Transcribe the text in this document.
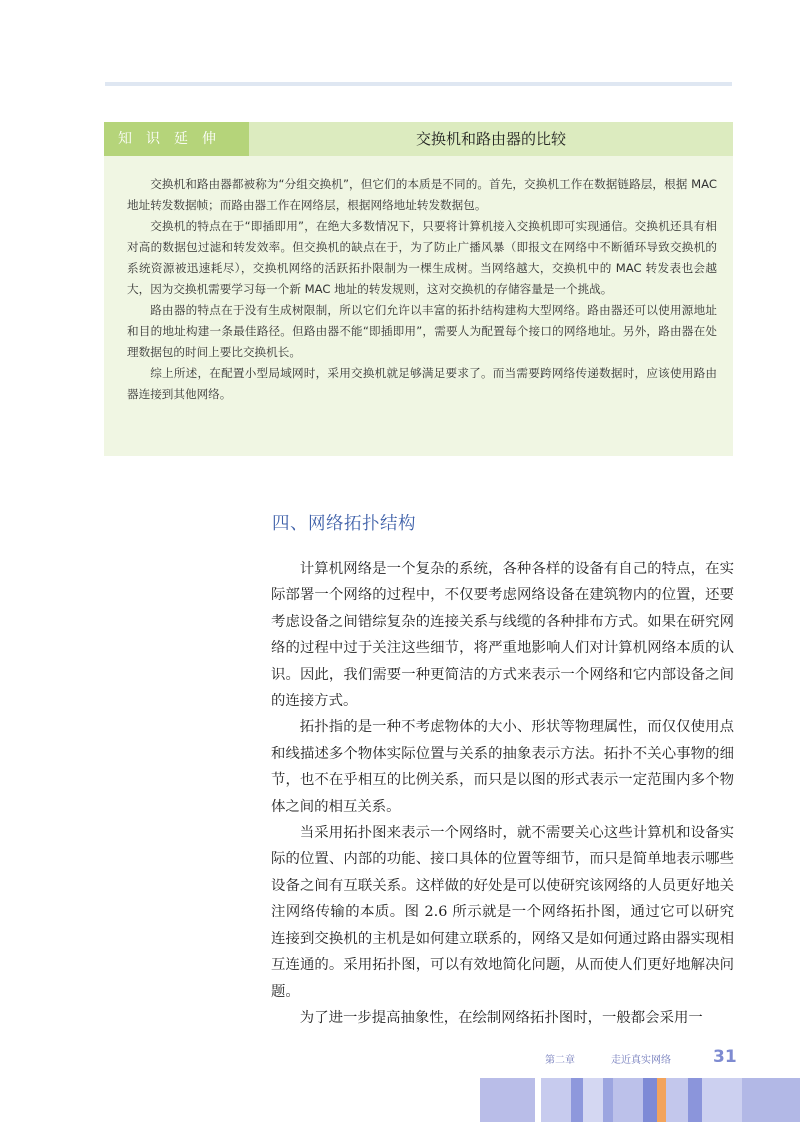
知识延伸	交换机和路由器的比较

交换机和路由器都被称为“分组交换机”，但它们的本质是不同的。首先，交换机工作在数据链路层，根据 MAC 地址转发数据帧；而路由器工作在网络层，根据网络地址转发数据包。

交换机的特点在于“即插即用”，在绝大多数情况下，只要将计算机接入交换机即可实现通信。交换机还具有相对高的数据包过滤和转发效率。但交换机的缺点在于，为了防止广播风暴（即报文在网络中不断循环导致交换机的系统资源被迅速耗尽），交换机网络的活跃拓扑限制为一棵生成树。当网络越大，交换机中的 MAC 转发表也会越大，因为交换机需要学习每一个新 MAC 地址的转发规则，这对交换机的存储容量是一个挑战。

路由器的特点在于没有生成树限制，所以它们允许以丰富的拓扑结构建构大型网络。路由器还可以使用源地址和目的地址构建一条最佳路径。但路由器不能“即插即用”，需要人为配置每个接口的网络地址。另外，路由器在处理数据包的时间上要比交换机长。

综上所述，在配置小型局域网时，采用交换机就足够满足要求了。而当需要跨网络传递数据时，应该使用路由器连接到其他网络。

四、网络拓扑结构

计算机网络是一个复杂的系统，各种各样的设备有自己的特点，在实际部署一个网络的过程中，不仅要考虑网络设备在建筑物内的位置，还要考虑设备之间错综复杂的连接关系与线缆的各种排布方式。如果在研究网络的过程中过于关注这些细节，将严重地影响人们对计算机网络本质的认识。因此，我们需要一种更简洁的方式来表示一个网络和它内部设备之间的连接方式。

拓扑指的是一种不考虑物体的大小、形状等物理属性，而仅仅使用点和线描述多个物体实际位置与关系的抽象表示方法。拓扑不关心事物的细节，也不在乎相互的比例关系，而只是以图的形式表示一定范围内多个物体之间的相互关系。

当采用拓扑图来表示一个网络时，就不需要关心这些计算机和设备实际的位置、内部的功能、接口具体的位置等细节，而只是简单地表示哪些设备之间有互联关系。这样做的好处是可以使研究该网络的人员更好地关注网络传输的本质。图 2.6 所示就是一个网络拓扑图，通过它可以研究连接到交换机的主机是如何建立联系的，网络又是如何通过路由器实现相互连通的。采用拓扑图，可以有效地简化问题，从而使人们更好地解决问题。

为了进一步提高抽象性，在绘制网络拓扑图时，一般都会采用一

第二章	走近真实网络 31
